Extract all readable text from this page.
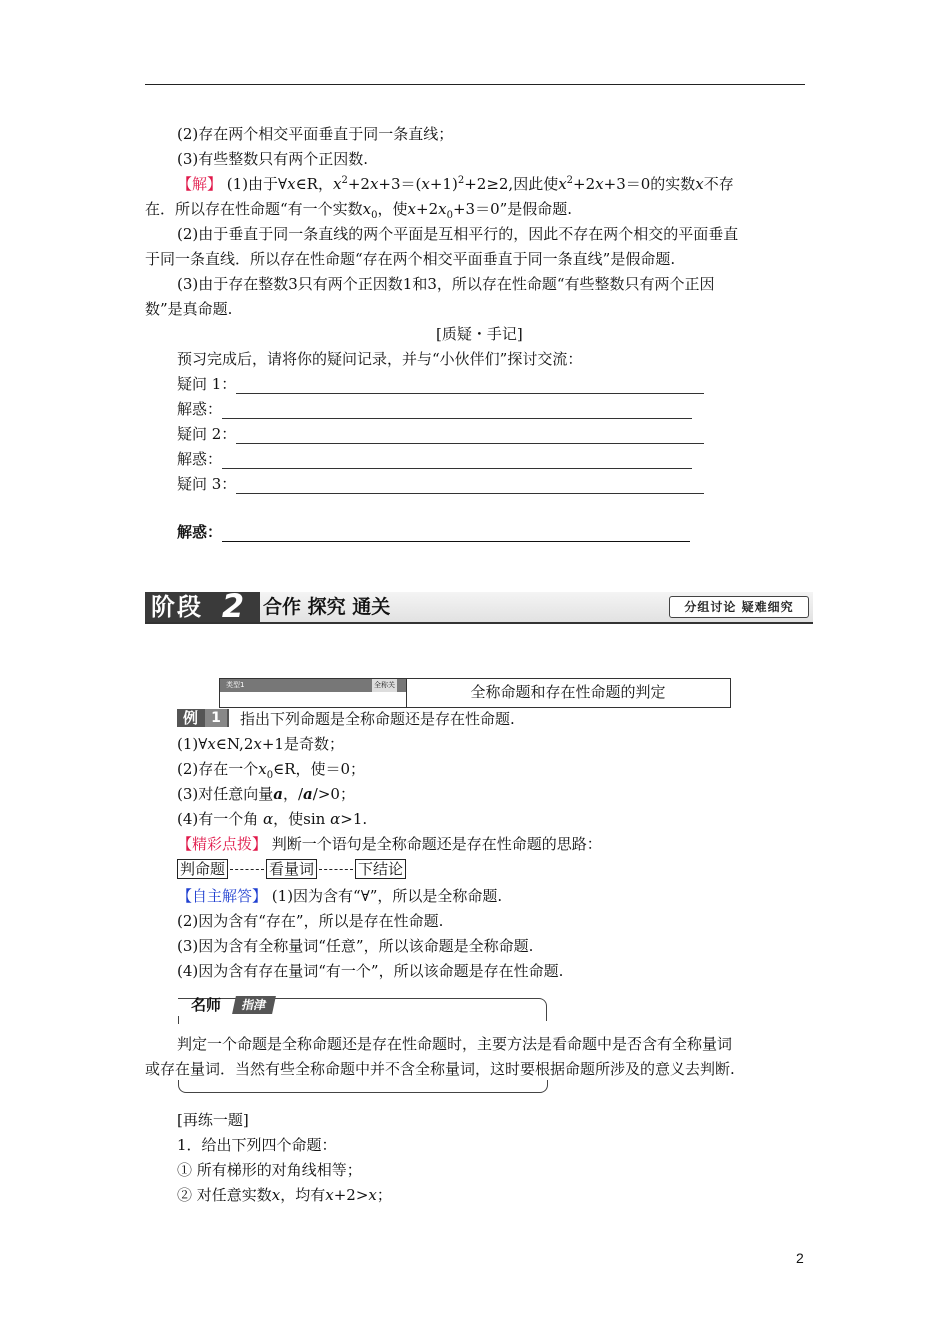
(2)存在两个相交平面垂直于同一条直线；
(3)有些整数只有两个正因数.
【解】 (1)由于∀x∈R，$x^2+2x+3=(x+1)^2+2\ge 2$,因此使$x^2+2x+3=0$的实数x不存
在．所以存在性命题“有一个实数$x_0$，使$x+2x_0+3=0$”是假命题.
(2)由于垂直于同一条直线的两个平面是互相平行的，因此不存在两个相交的平面垂直
于同一条直线．所以存在性命题“存在两个相交平面垂直于同一条直线”是假命题.
(3)由于存在整数3只有两个正因数1和3，所以存在性命题“有些整数只有两个正因
数”是真命题.
[质疑・手记]
预习完成后，请将你的疑问记录，并与“小伙伴们”探讨交流：
疑问 1：
解惑：
疑问 2：
解惑：
疑问 3：
解惑：
阶段 2 合作 探究 通关	分组讨论 疑难细究
类型1	全称关	全称命题和存在性命题的判定
例 1	指出下列命题是全称命题还是存在性命题.
(1)∀x∈N,2x+1是奇数；
(2)存在一个$x_0\in R$，使＝0；
(3)对任意向量a，/a/>0；
(4)有一个角 α，使sin α>1.
【精彩点拨】 判断一个语句是全称命题还是存在性命题的思路：
判命题	看量词	下结论
【自主解答】 (1)因为含有“∀”，所以是全称命题.
(2)因为含有“存在”，所以是存在性命题.
(3)因为含有全称量词“任意”，所以该命题是全称命题.
(4)因为含有存在量词“有一个”，所以该命题是存在性命题.
名师	指津
判定一个命题是全称命题还是存在性命题时，主要方法是看命题中是否含有全称量词
或存在量词．当然有些全称命题中并不含全称量词，这时要根据命题所涉及的意义去判断.
[再练一题]
1．给出下列四个命题：
① 所有梯形的对角线相等；
② 对任意实数x，均有x+2>x；
2
